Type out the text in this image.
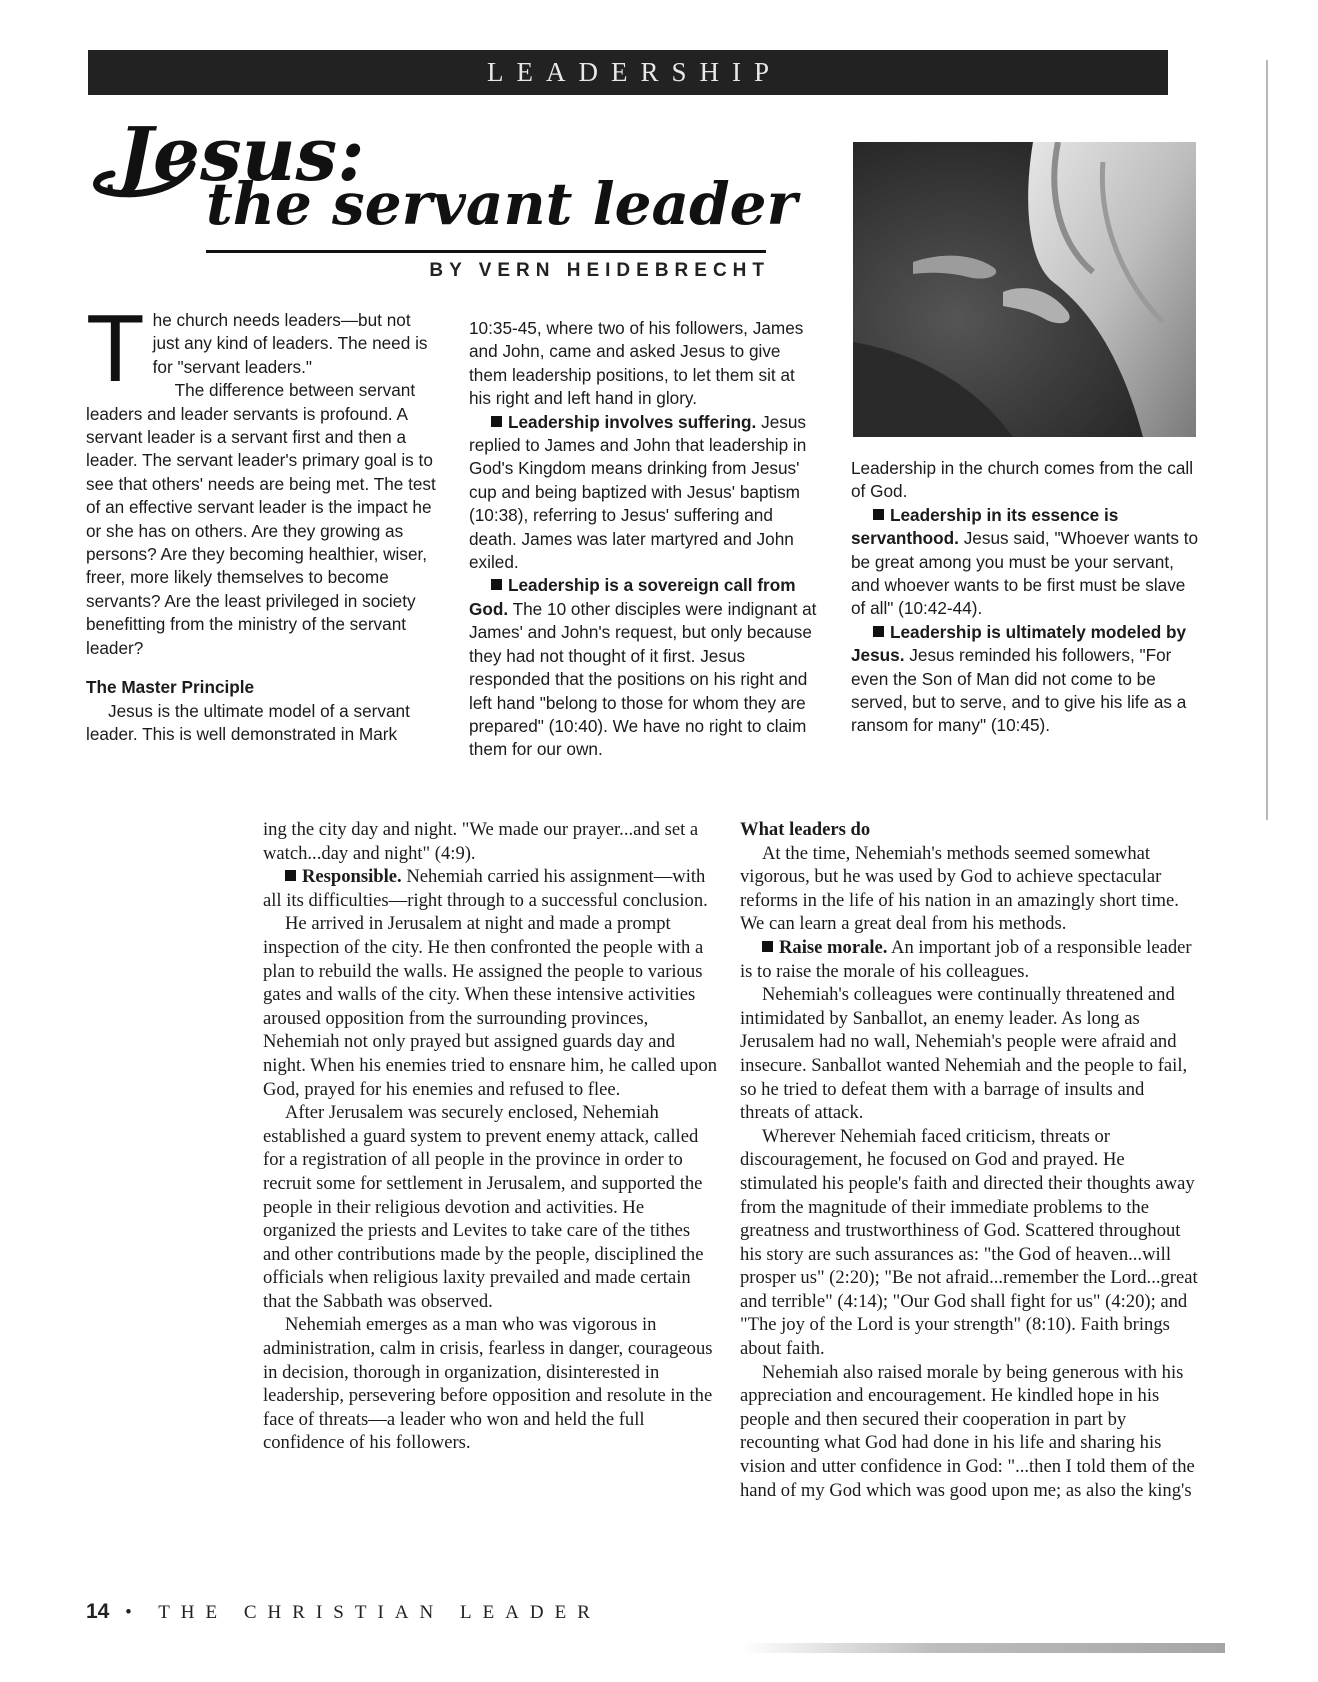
LEADERSHIP
Jesus:
the servant leader
BY VERN HEIDEBRECHT

The church needs leaders—but not just any kind of leaders. The need is for "servant leaders."

The difference between servant leaders and leader servants is profound. A servant leader is a servant first and then a leader. The servant leader's primary goal is to see that others' needs are being met. The test of an effective servant leader is the impact he or she has on others. Are they growing as persons? Are they becoming healthier, wiser, freer, more likely themselves to become servants? Are the least privileged in society benefitting from the ministry of the servant leader?

The Master Principle

Jesus is the ultimate model of a servant leader. This is well demonstrated in Mark

10:35-45, where two of his followers, James and John, came and asked Jesus to give them leadership positions, to let them sit at his right and left hand in glory.

Leadership involves suffering. Jesus replied to James and John that leadership in God's Kingdom means drinking from Jesus' cup and being baptized with Jesus' baptism (10:38), referring to Jesus' suffering and death. James was later martyred and John exiled.

Leadership is a sovereign call from God. The 10 other disciples were indignant at James' and John's request, but only because they had not thought of it first. Jesus responded that the positions on his right and left hand "belong to those for whom they are prepared" (10:40). We have no right to claim them for our own.

Leadership in the church comes from the call of God.

Leadership in its essence is servanthood. Jesus said, "Whoever wants to be great among you must be your servant, and whoever wants to be first must be slave of all" (10:42-44).

Leadership is ultimately modeled by Jesus. Jesus reminded his followers, "For even the Son of Man did not come to be served, but to serve, and to give his life as a ransom for many" (10:45).

ing the city day and night. "We made our prayer...and set a watch...day and night" (4:9).

Responsible. Nehemiah carried his assignment—with all its difficulties—right through to a successful conclusion.

He arrived in Jerusalem at night and made a prompt inspection of the city. He then confronted the people with a plan to rebuild the walls. He assigned the people to various gates and walls of the city. When these intensive activities aroused opposition from the surrounding provinces, Nehemiah not only prayed but assigned guards day and night. When his enemies tried to ensnare him, he called upon God, prayed for his enemies and refused to flee.

After Jerusalem was securely enclosed, Nehemiah established a guard system to prevent enemy attack, called for a registration of all people in the province in order to recruit some for settlement in Jerusalem, and supported the people in their religious devotion and activities. He organized the priests and Levites to take care of the tithes and other contributions made by the people, disciplined the officials when religious laxity prevailed and made certain that the Sabbath was observed.

Nehemiah emerges as a man who was vigorous in administration, calm in crisis, fearless in danger, courageous in decision, thorough in organization, disinterested in leadership, persevering before opposition and resolute in the face of threats—a leader who won and held the full confidence of his followers.

What leaders do

At the time, Nehemiah's methods seemed somewhat vigorous, but he was used by God to achieve spectacular reforms in the life of his nation in an amazingly short time. We can learn a great deal from his methods.

Raise morale. An important job of a responsible leader is to raise the morale of his colleagues.

Nehemiah's colleagues were continually threatened and intimidated by Sanballot, an enemy leader. As long as Jerusalem had no wall, Nehemiah's people were afraid and insecure. Sanballot wanted Nehemiah and the people to fail, so he tried to defeat them with a barrage of insults and threats of attack.

Wherever Nehemiah faced criticism, threats or discouragement, he focused on God and prayed. He stimulated his people's faith and directed their thoughts away from the magnitude of their immediate problems to the greatness and trustworthiness of God. Scattered throughout his story are such assurances as: "the God of heaven...will prosper us" (2:20); "Be not afraid...remember the Lord...great and terrible" (4:14); "Our God shall fight for us" (4:20); and "The joy of the Lord is your strength" (8:10). Faith brings about faith.

Nehemiah also raised morale by being generous with his appreciation and encouragement. He kindled hope in his people and then secured their cooperation in part by recounting what God had done in his life and sharing his vision and utter confidence in God: "...then I told them of the hand of my God which was good upon me; as also the king's

14 • THE CHRISTIAN LEADER
